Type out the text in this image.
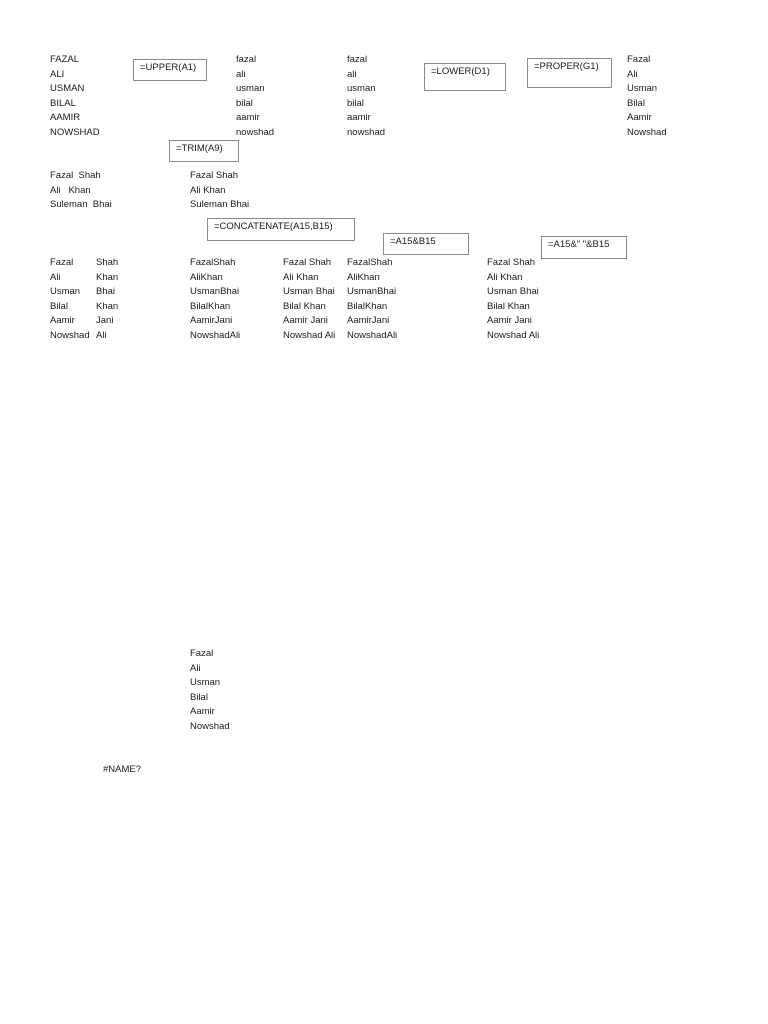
FAZAL
ALI
USMAN
BILAL
AAMIR
NOWSHAD
=UPPER(A1)
fazal
ali
usman
bilal
aamir
nowshad
fazal
ali
usman
bilal
aamir
nowshad
=LOWER(D1)	=PROPER(G1)
Fazal
Ali
Usman
Bilal
Aamir
Nowshad
=TRIM(A9)
Fazal  Shah
Ali   Khan
Suleman  Bhai
Fazal Shah
Ali Khan
Suleman Bhai
=CONCATENATE(A15,B15)
=A15&B15	=A15&" "&B15
Fazal
Ali
Usman
Bilal
Aamir
Nowshad
Shah
Khan
Bhai
Khan
Jani
Ali
FazalShah
AliKhan
UsmanBhai
BilalKhan
AamirJani
NowshadAli
Fazal Shah
Ali Khan
Usman Bhai
Bilal Khan
Aamir Jani
Nowshad Ali
FazalShah
AliKhan
UsmanBhai
BilalKhan
AamirJani
NowshadAli
Fazal Shah
Ali Khan
Usman Bhai
Bilal Khan
Aamir Jani
Nowshad Ali
Fazal
Ali
Usman
Bilal
Aamir
Nowshad
#NAME?
